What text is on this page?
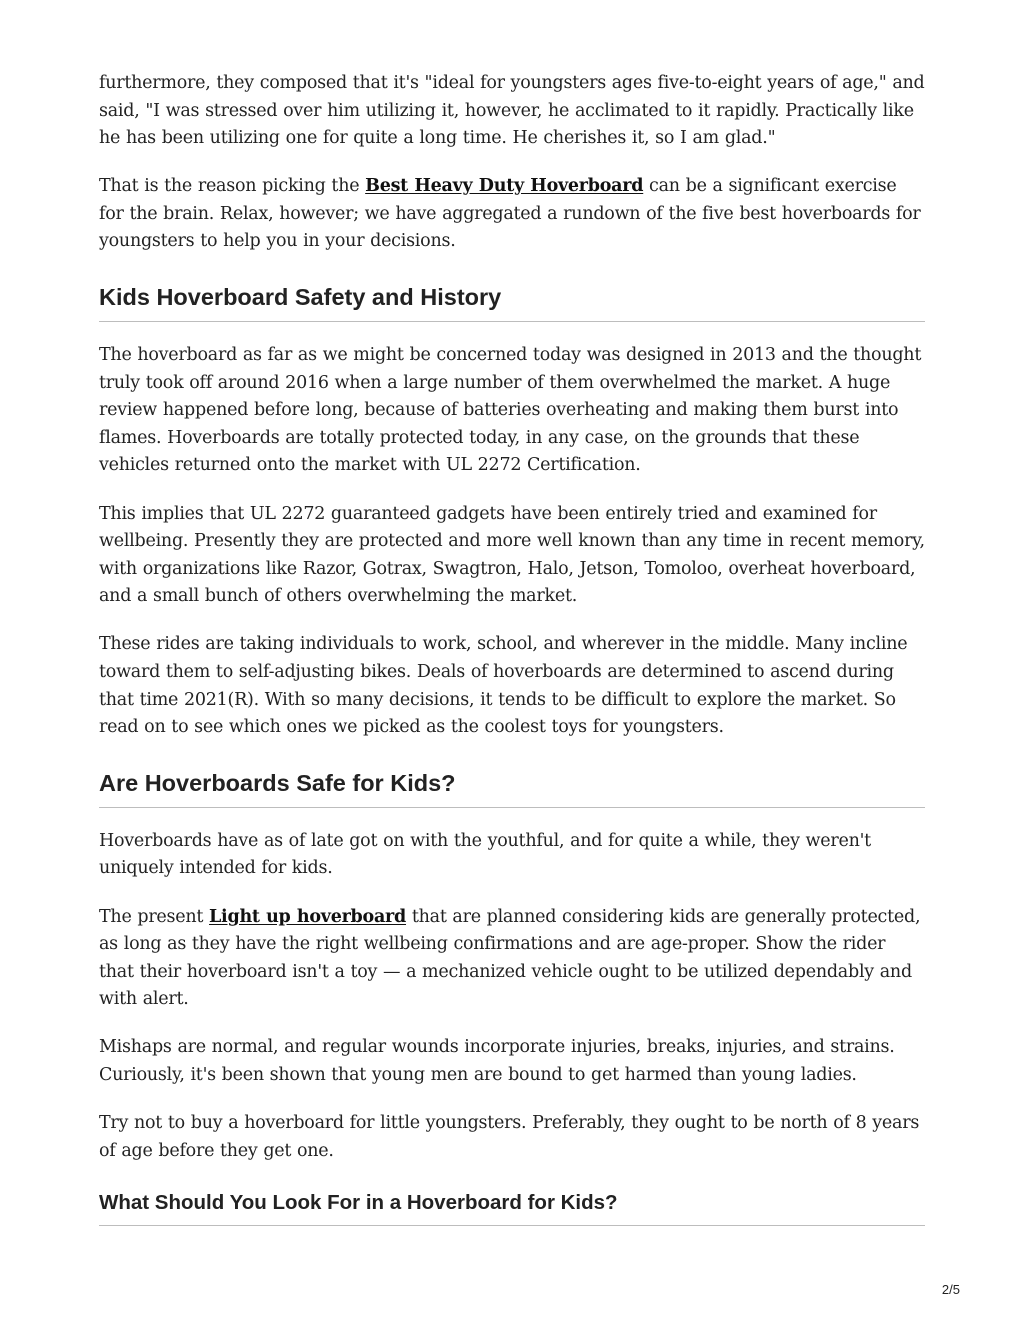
furthermore, they composed that it's "ideal for youngsters ages five-to-eight years of age," and said, "I was stressed over him utilizing it, however, he acclimated to it rapidly. Practically like he has been utilizing one for quite a long time. He cherishes it, so I am glad."

That is the reason picking the Best Heavy Duty Hoverboard can be a significant exercise for the brain. Relax, however; we have aggregated a rundown of the five best hoverboards for youngsters to help you in your decisions.

Kids Hoverboard Safety and History

The hoverboard as far as we might be concerned today was designed in 2013 and the thought truly took off around 2016 when a large number of them overwhelmed the market. A huge review happened before long, because of batteries overheating and making them burst into flames. Hoverboards are totally protected today, in any case, on the grounds that these vehicles returned onto the market with UL 2272 Certification.

This implies that UL 2272 guaranteed gadgets have been entirely tried and examined for wellbeing. Presently they are protected and more well known than any time in recent memory, with organizations like Razor, Gotrax, Swagtron, Halo, Jetson, Tomoloo, overheat hoverboard, and a small bunch of others overwhelming the market.

These rides are taking individuals to work, school, and wherever in the middle. Many incline toward them to self-adjusting bikes. Deals of hoverboards are determined to ascend during that time 2021(R). With so many decisions, it tends to be difficult to explore the market. So read on to see which ones we picked as the coolest toys for youngsters.

Are Hoverboards Safe for Kids?

Hoverboards have as of late got on with the youthful, and for quite a while, they weren't uniquely intended for kids.

The present Light up hoverboard that are planned considering kids are generally protected, as long as they have the right wellbeing confirmations and are age-proper. Show the rider that their hoverboard isn't a toy — a mechanized vehicle ought to be utilized dependably and with alert.

Mishaps are normal, and regular wounds incorporate injuries, breaks, injuries, and strains. Curiously, it's been shown that young men are bound to get harmed than young ladies.

Try not to buy a hoverboard for little youngsters. Preferably, they ought to be north of 8 years of age before they get one.

What Should You Look For in a Hoverboard for Kids?
2/5
